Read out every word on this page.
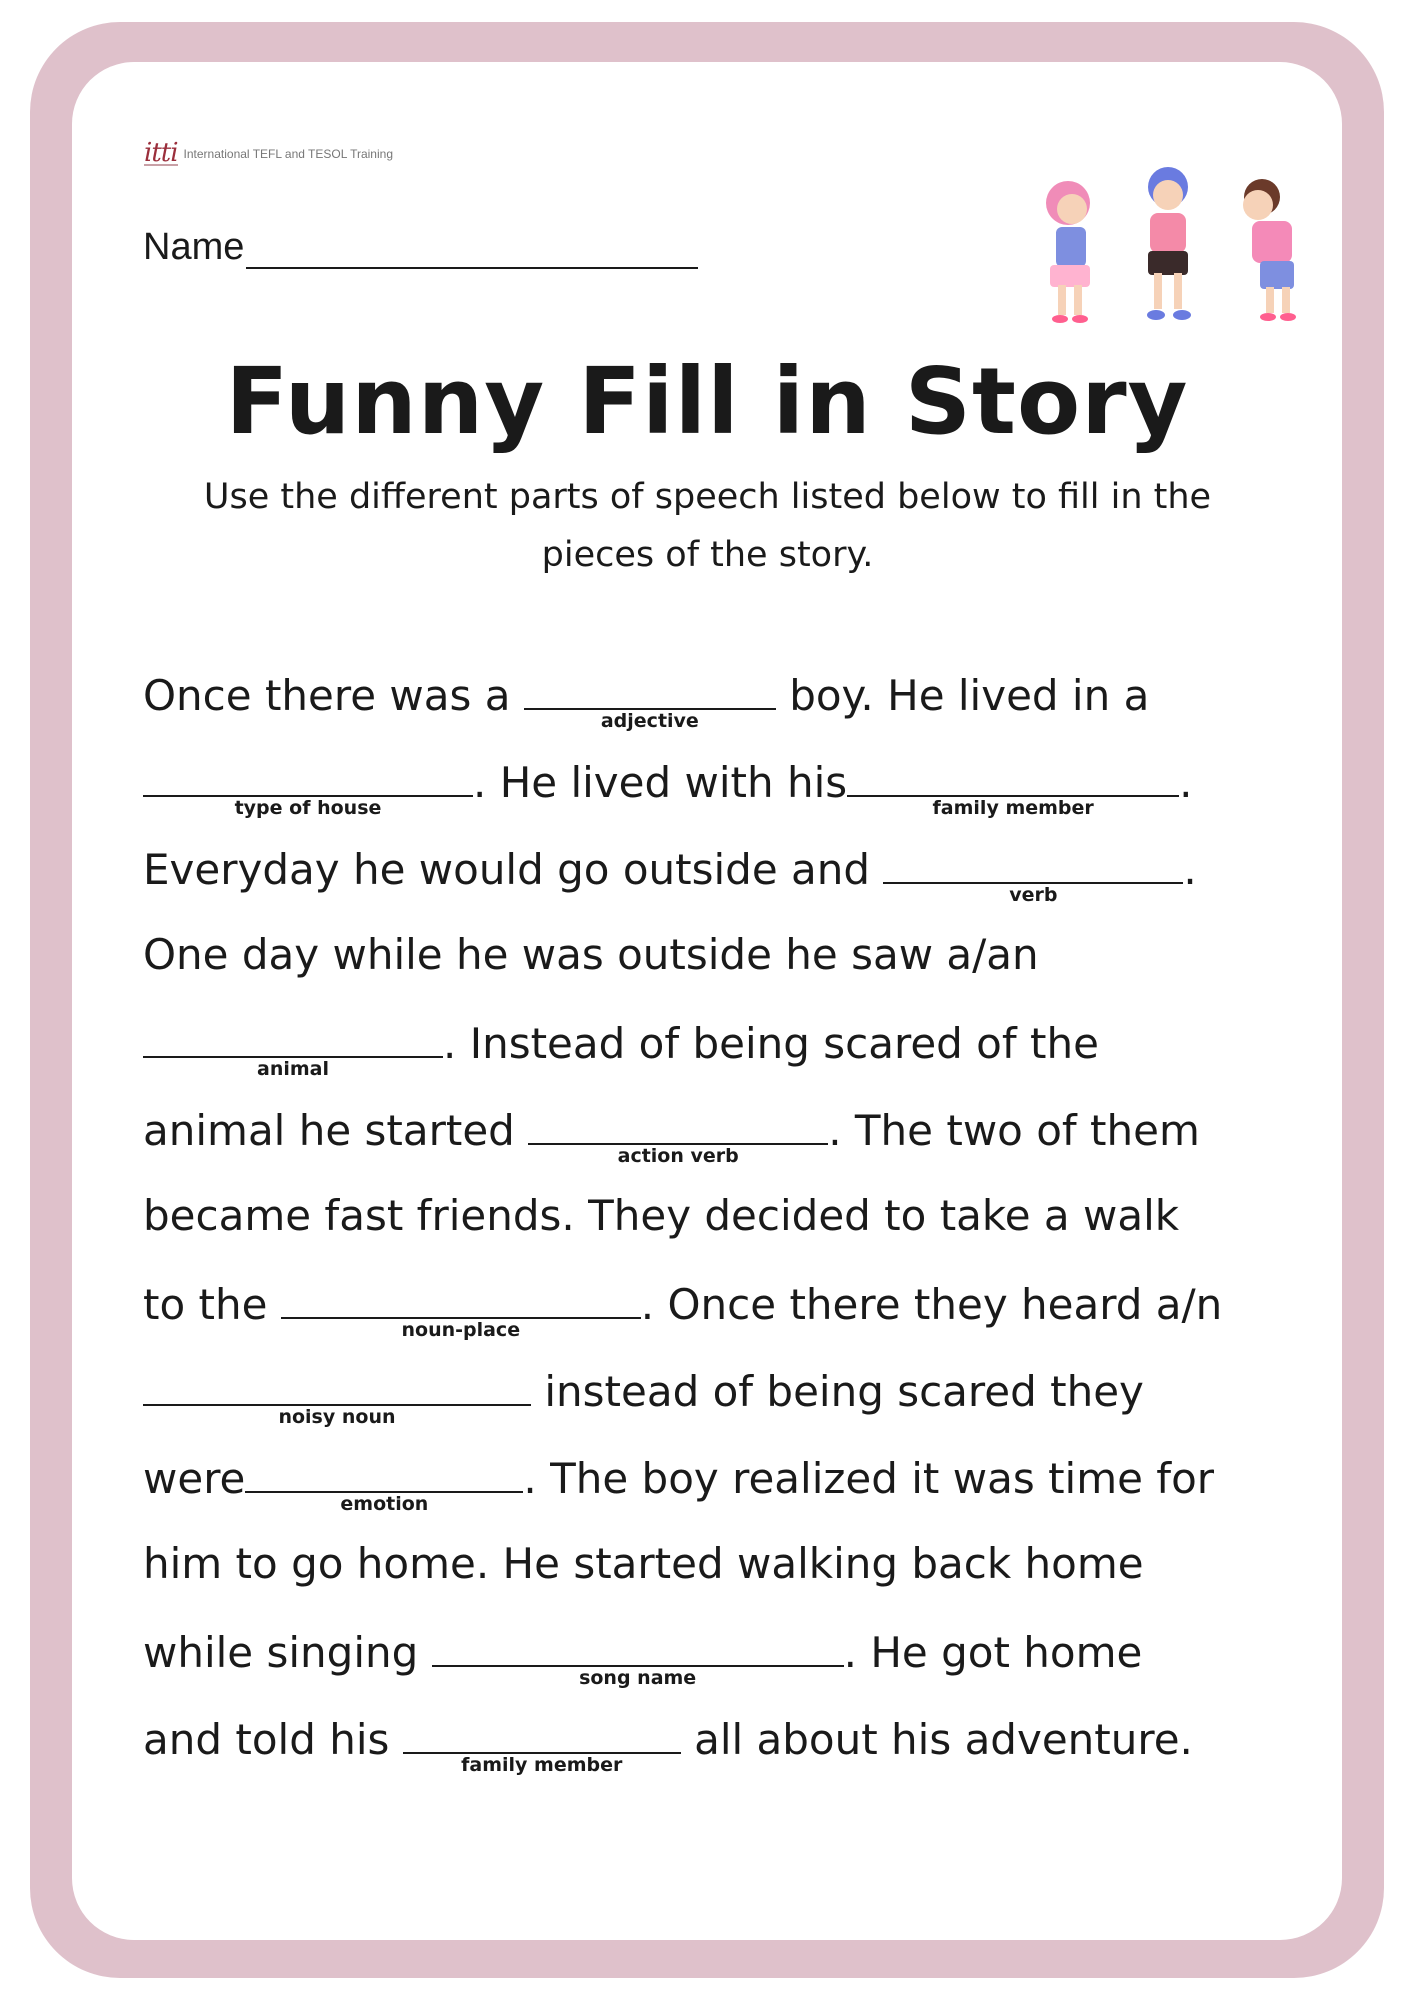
itti International TEFL and TESOL Training
Name
Funny Fill in Story
Use the different parts of speech listed below to fill in the pieces of the story.
Once there was a
adjective
boy. He lived in a
type of house
. He lived with his
family member
.
Everyday he would go outside and
verb
.
One day while he was outside he saw a/an
animal
. Instead of being scared of the
animal he started
action verb
. The two of them
became fast friends. They decided to take a walk
to the
noun-place
. Once there they heard a/n
noisy noun
instead of being scared they
were
emotion
. The boy realized it was time for
him to go home. He started walking back home
while singing
song name
. He got home
and told his
family member
all about his adventure.
